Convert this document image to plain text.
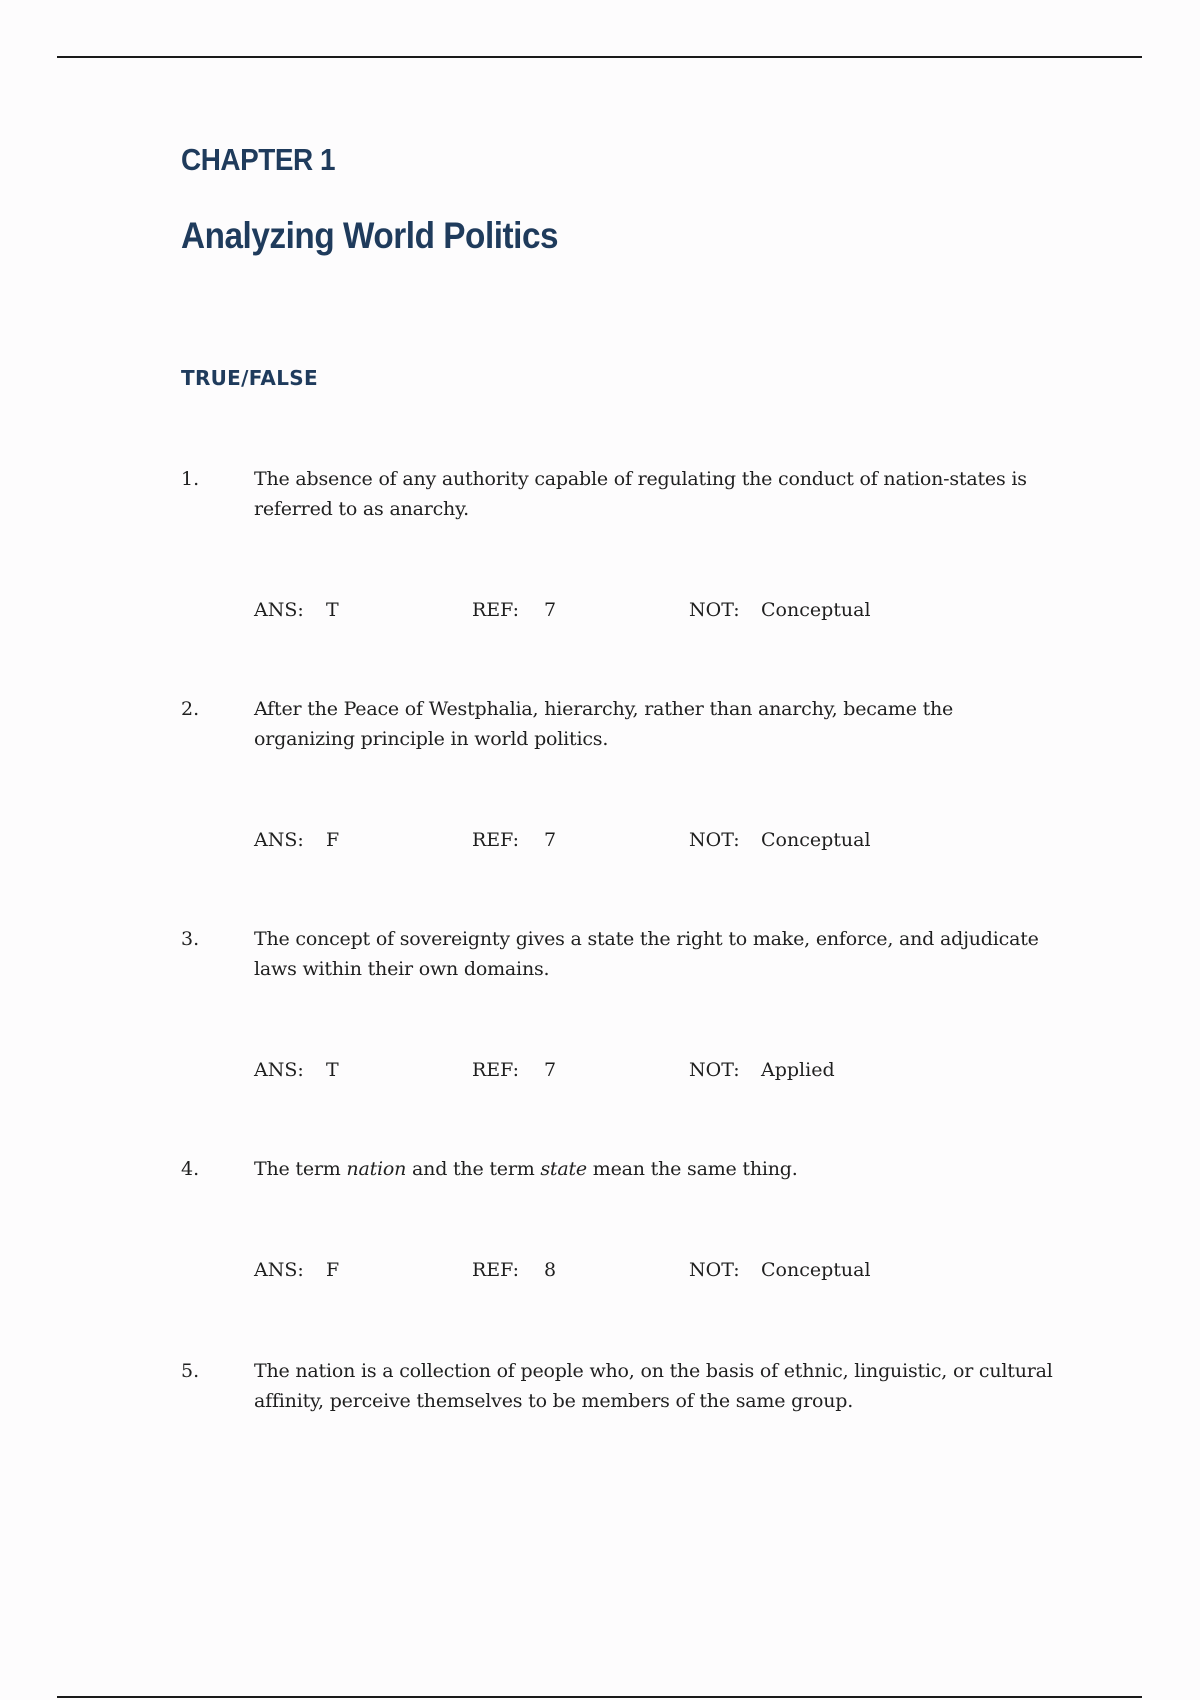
CHAPTER 1
Analyzing World Politics
TRUE/FALSE
1.	The absence of any authority capable of regulating the conduct of nation-states is referred to as anarchy.
ANS: T	REF: 7	NOT: Conceptual
2.	After the Peace of Westphalia, hierarchy, rather than anarchy, became the organizing principle in world politics.
ANS: F	REF: 7	NOT: Conceptual
3.	The concept of sovereignty gives a state the right to make, enforce, and adjudicate laws within their own domains.
ANS: T	REF: 7	NOT: Applied
4.	The term nation and the term state mean the same thing.
ANS: F	REF: 8	NOT: Conceptual
5.	The nation is a collection of people who, on the basis of ethnic, linguistic, or cultural affinity, perceive themselves to be members of the same group.
